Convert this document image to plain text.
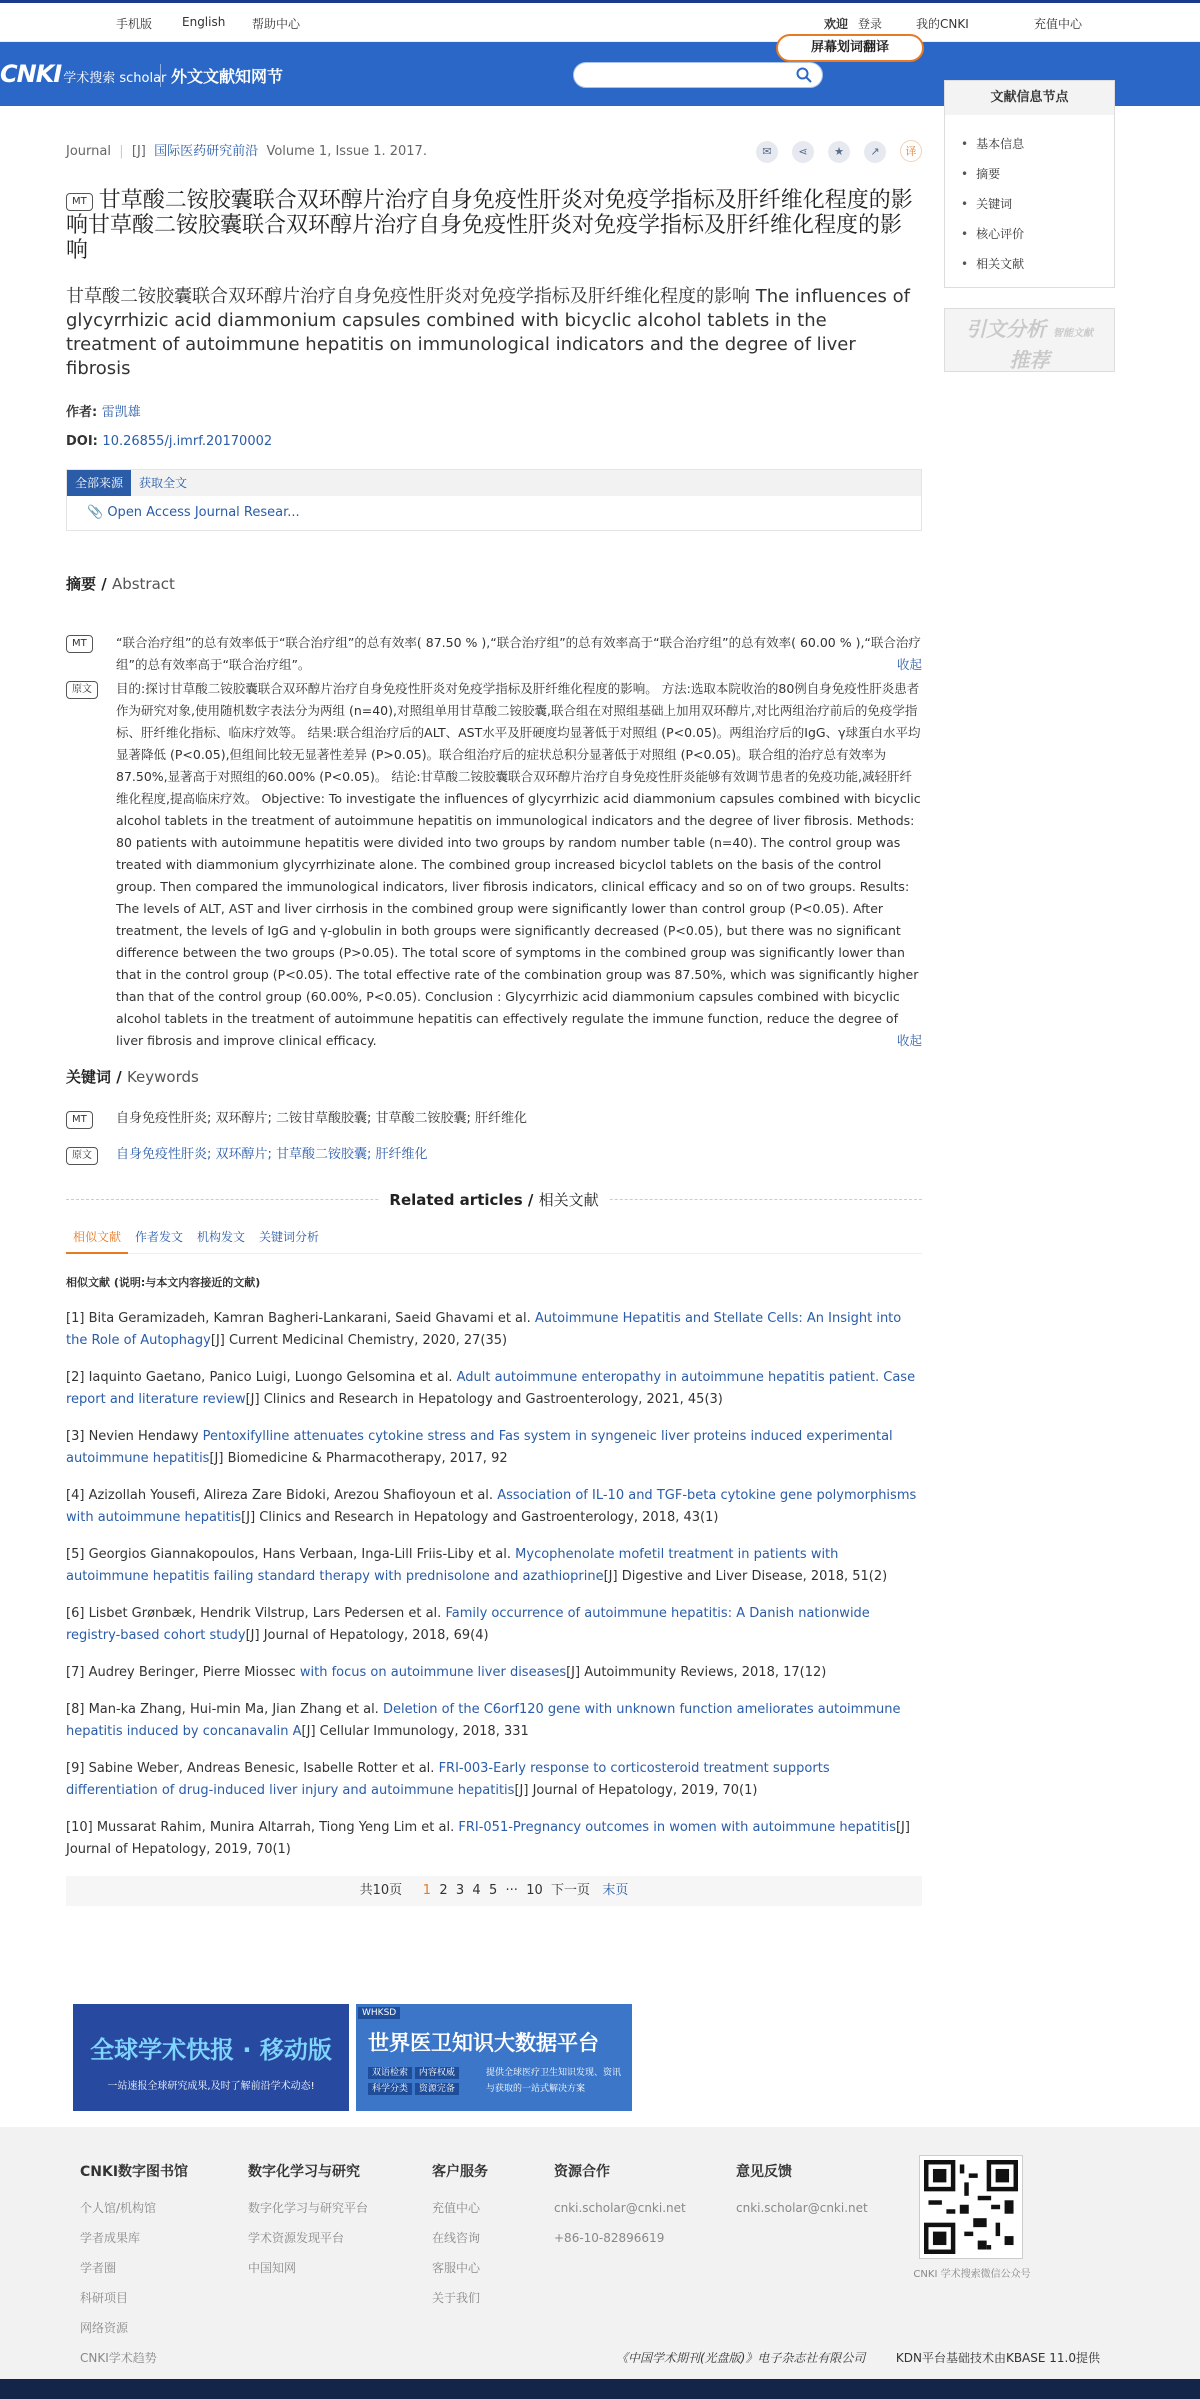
手机版 English 帮助中心	欢迎 登录	我的CNKI	充值中心
CNKI 学术搜索 scholar 外文文献知网节
屏幕划词翻译
Journal  |  [J] 国际医药研究前沿 Volume 1, Issue 1. 2017.	✉ ⋖ ★ ↗ 译
MT 甘草酸二铵胶囊联合双环醇片治疗自身免疫性肝炎对免疫学指标及肝纤维化程度的影响甘草酸二铵胶囊联合双环醇片治疗自身免疫性肝炎对免疫学指标及肝纤维化程度的影响
甘草酸二铵胶囊联合双环醇片治疗自身免疫性肝炎对免疫学指标及肝纤维化程度的影响 The influences of glycyrrhizic acid diammonium capsules combined with bicyclic alcohol tablets in the treatment of autoimmune hepatitis on immunological indicators and the degree of liver fibrosis
作者: 雷凯雄
DOI: 10.26855/j.imrf.20170002
全部来源 获取全文
📎 Open Access Journal Resear...
摘要 / Abstract
MT	“联合治疗组”的总有效率低于“联合治疗组”的总有效率( 87.50 % ),“联合治疗组”的总有效率高于“联合治疗组”的总有效率( 60.00 % ),“联合治疗组”的总有效率高于“联合治疗组”。	收起
原文	目的:探讨甘草酸二铵胶囊联合双环醇片治疗自身免疫性肝炎对免疫学指标及肝纤维化程度的影响。 方法:选取本院收治的80例自身免疫性肝炎患者作为研究对象,使用随机数字表法分为两组 (n=40),对照组单用甘草酸二铵胶囊,联合组在对照组基础上加用双环醇片,对比两组治疗前后的免疫学指标、肝纤维化指标、临床疗效等。 结果:联合组治疗后的ALT、AST水平及肝硬度均显著低于对照组 (P<0.05)。两组治疗后的IgG、γ球蛋白水平均显著降低 (P<0.05),但组间比较无显著性差异 (P>0.05)。联合组治疗后的症状总积分显著低于对照组 (P<0.05)。联合组的治疗总有效率为87.50%,显著高于对照组的60.00% (P<0.05)。 结论:甘草酸二铵胶囊联合双环醇片治疗自身免疫性肝炎能够有效调节患者的免疫功能,减轻肝纤维化程度,提高临床疗效。 Objective: To investigate the influences of glycyrrhizic acid diammonium capsules combined with bicyclic alcohol tablets in the treatment of autoimmune hepatitis on immunological indicators and the degree of liver fibrosis. Methods: 80 patients with autoimmune hepatitis were divided into two groups by random number table (n=40). The control group was treated with diammonium glycyrrhizinate alone. The combined group increased bicyclol tablets on the basis of the control group. Then compared the immunological indicators, liver fibrosis indicators, clinical efficacy and so on of two groups. Results: The levels of ALT, AST and liver cirrhosis in the combined group were significantly lower than control group (P<0.05). After treatment, the levels of IgG and γ-globulin in both groups were significantly decreased (P<0.05), but there was no significant difference between the two groups (P>0.05). The total score of symptoms in the combined group was significantly lower than that in the control group (P<0.05). The total effective rate of the combination group was 87.50%, which was significantly higher than that of the control group (60.00%, P<0.05). Conclusion : Glycyrrhizic acid diammonium capsules combined with bicyclic alcohol tablets in the treatment of autoimmune hepatitis can effectively regulate the immune function, reduce the degree of liver fibrosis and improve clinical efficacy.	收起
关键词 / Keywords
MT	自身免疫性肝炎; 双环醇片; 二铵甘草酸胶囊; 甘草酸二铵胶囊; 肝纤维化
原文	自身免疫性肝炎; 双环醇片; 甘草酸二铵胶囊; 肝纤维化
Related articles / 相关文献
相似文献 作者发文 机构发文 关键词分析
相似文献 (说明:与本文内容接近的文献)
[1] Bita Geramizadeh, Kamran Bagheri-Lankarani, Saeid Ghavami et al. Autoimmune Hepatitis and Stellate Cells: An Insight into the Role of Autophagy[J] Current Medicinal Chemistry, 2020, 27(35)
[2] Iaquinto Gaetano, Panico Luigi, Luongo Gelsomina et al. Adult autoimmune enteropathy in autoimmune hepatitis patient. Case report and literature review[J] Clinics and Research in Hepatology and Gastroenterology, 2021, 45(3)
[3] Nevien Hendawy Pentoxifylline attenuates cytokine stress and Fas system in syngeneic liver proteins induced experimental autoimmune hepatitis[J] Biomedicine & Pharmacotherapy, 2017, 92
[4] Azizollah Yousefi, Alireza Zare Bidoki, Arezou Shafioyoun et al. Association of IL-10 and TGF-beta cytokine gene polymorphisms with autoimmune hepatitis[J] Clinics and Research in Hepatology and Gastroenterology, 2018, 43(1)
[5] Georgios Giannakopoulos, Hans Verbaan, Inga-Lill Friis-Liby et al. Mycophenolate mofetil treatment in patients with autoimmune hepatitis failing standard therapy with prednisolone and azathioprine[J] Digestive and Liver Disease, 2018, 51(2)
[6] Lisbet Grønbæk, Hendrik Vilstrup, Lars Pedersen et al. Family occurrence of autoimmune hepatitis: A Danish nationwide registry-based cohort study[J] Journal of Hepatology, 2018, 69(4)
[7] Audrey Beringer, Pierre Miossec with focus on autoimmune liver diseases[J] Autoimmunity Reviews, 2018, 17(12)
[8] Man-ka Zhang, Hui-min Ma, Jian Zhang et al. Deletion of the C6orf120 gene with unknown function ameliorates autoimmune hepatitis induced by concanavalin A[J] Cellular Immunology, 2018, 331
[9] Sabine Weber, Andreas Benesic, Isabelle Rotter et al. FRI-003-Early response to corticosteroid treatment supports differentiation of drug-induced liver injury and autoimmune hepatitis[J] Journal of Hepatology, 2019, 70(1)
[10] Mussarat Rahim, Munira Altarrah, Tiong Yeng Lim et al. FRI-051-Pregnancy outcomes in women with autoimmune hepatitis[J] Journal of Hepatology, 2019, 70(1)
共10页 1 2 3 4 5 ··· 10 下一页 末页
文献信息节点
• 基本信息
• 摘要
• 关键词
• 核心评价
• 相关文献
引文分析 智能文献
推荐
全球学术快报 · 移动版
一站速报全球研究成果,及时了解前沿学术动态!
WHKSD
世界医卫知识大数据平台
双语检索 内容权威
科学分类 资源完备
提供全球医疗卫生知识发现、资讯与获取的一站式解决方案
CNKI数字图书馆
个人馆/机构馆
学者成果库
学者圈
科研项目
网络资源
CNKI学术趋势
数字化学习与研究
数字化学习与研究平台
学术资源发现平台
中国知网
客户服务
充值中心
在线咨询
客服中心
关于我们
资源合作
cnki.scholar@cnki.net
+86-10-82896619
意见反馈
cnki.scholar@cnki.net
CNKI 学术搜索微信公众号
《中国学术期刊(光盘版)》电子杂志社有限公司	KDN平台基础技术由KBASE 11.0提供
